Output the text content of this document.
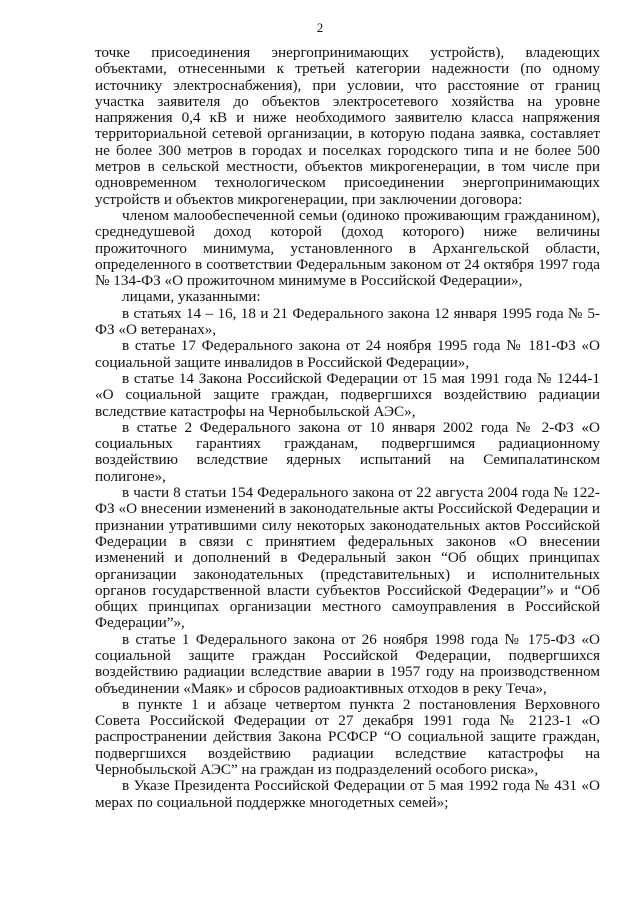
2

точке присоединения энергопринимающих устройств), владеющих объектами, отнесенными к третьей категории надежности (по одному источнику электроснабжения), при условии, что расстояние от границ участка заявителя до объектов электросетевого хозяйства на уровне напряжения 0,4 кВ и ниже необходимого заявителю класса напряжения территориальной сетевой организации, в которую подана заявка, составляет не более 300 метров в городах и поселках городского типа и не более 500 метров в сельской местности, объектов микрогенерации, в том числе при одновременном технологическом присоединении энергопринимающих устройств и объектов микрогенерации, при заключении договора:

членом малообеспеченной семьи (одиноко проживающим гражданином), среднедушевой доход которой (доход которого) ниже величины прожиточного минимума, установленного в Архангельской области, определенного в соответствии Федеральным законом от 24 октября 1997 года № 134-ФЗ «О прожиточном минимуме в Российской Федерации»,

лицами, указанными:

в статьях 14 – 16, 18 и 21 Федерального закона 12 января 1995 года № 5-ФЗ «О ветеранах»,

в статье 17 Федерального закона от 24 ноября 1995 года № 181-ФЗ «О социальной защите инвалидов в Российской Федерации»,

в статье 14 Закона Российской Федерации от 15 мая 1991 года № 1244-1 «О социальной защите граждан, подвергшихся воздействию радиации вследствие катастрофы на Чернобыльской АЭС»,

в статье 2 Федерального закона от 10 января 2002 года № 2-ФЗ «О социальных гарантиях гражданам, подвергшимся радиационному воздействию вследствие ядерных испытаний на Семипалатинском полигоне»,

в части 8 статьи 154 Федерального закона от 22 августа 2004 года № 122-ФЗ «О внесении изменений в законодательные акты Российской Федерации и признании утратившими силу некоторых законодательных актов Российской Федерации в связи с принятием федеральных законов «О внесении изменений и дополнений в Федеральный закон “Об общих принципах организации законодательных (представительных) и исполнительных органов государственной власти субъектов Российской Федерации”» и “Об общих принципах организации местного самоуправления в Российской Федерации”»,

в статье 1 Федерального закона от 26 ноября 1998 года № 175-ФЗ «О социальной защите граждан Российской Федерации, подвергшихся воздействию радиации вследствие аварии в 1957 году на производственном объединении «Маяк» и сбросов радиоактивных отходов в реку Теча»,

в пункте 1 и абзаце четвертом пункта 2 постановления Верховного Совета Российской Федерации от 27 декабря 1991 года № 2123-1 «О распространении действия Закона РСФСР “О социальной защите граждан, подвергшихся воздействию радиации вследствие катастрофы на Чернобыльской АЭС” на граждан из подразделений особого риска»,

в Указе Президента Российской Федерации от 5 мая 1992 года № 431 «О мерах по социальной поддержке многодетных семей»;
